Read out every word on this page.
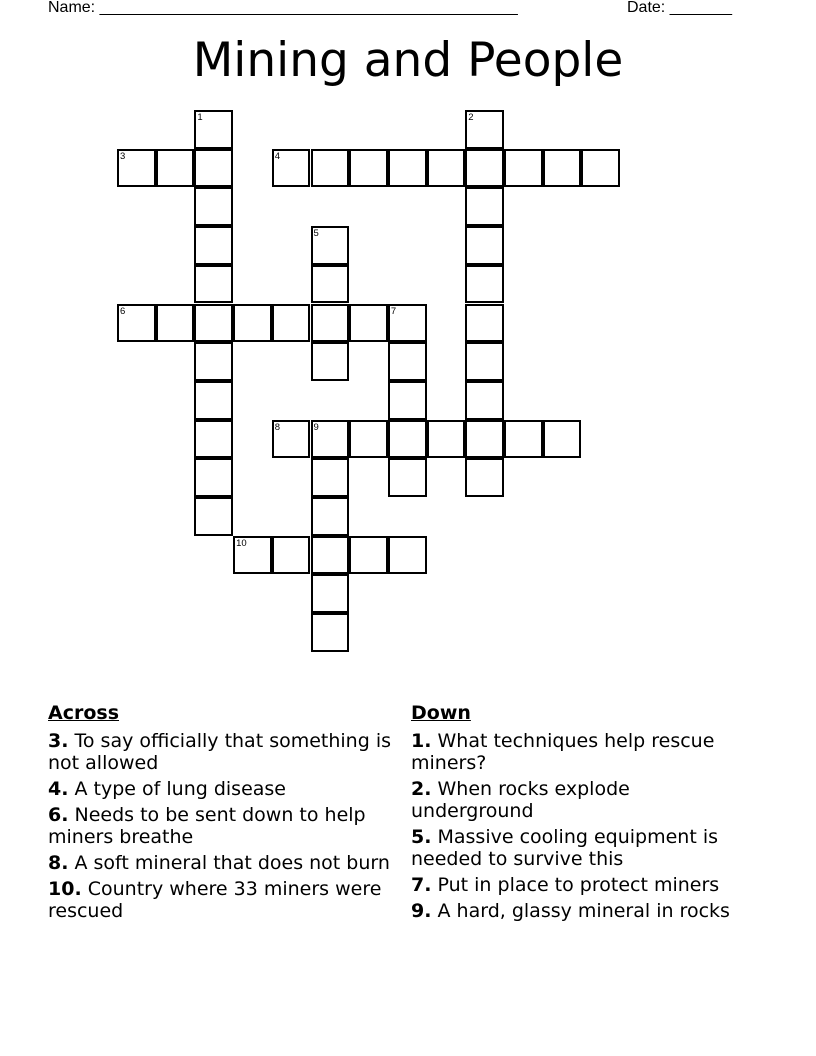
Name: _______________________________________________	Date: _______
Mining and People
1	2
3	4
5
6	7
8	9
10
Across
3. To say officially that something is not allowed
4. A type of lung disease
6. Needs to be sent down to help miners breathe
8. A soft mineral that does not burn
10. Country where 33 miners were rescued
Down
1. What techniques help rescue miners?
2. When rocks explode underground
5. Massive cooling equipment is needed to survive this
7. Put in place to protect miners
9. A hard, glassy mineral in rocks
